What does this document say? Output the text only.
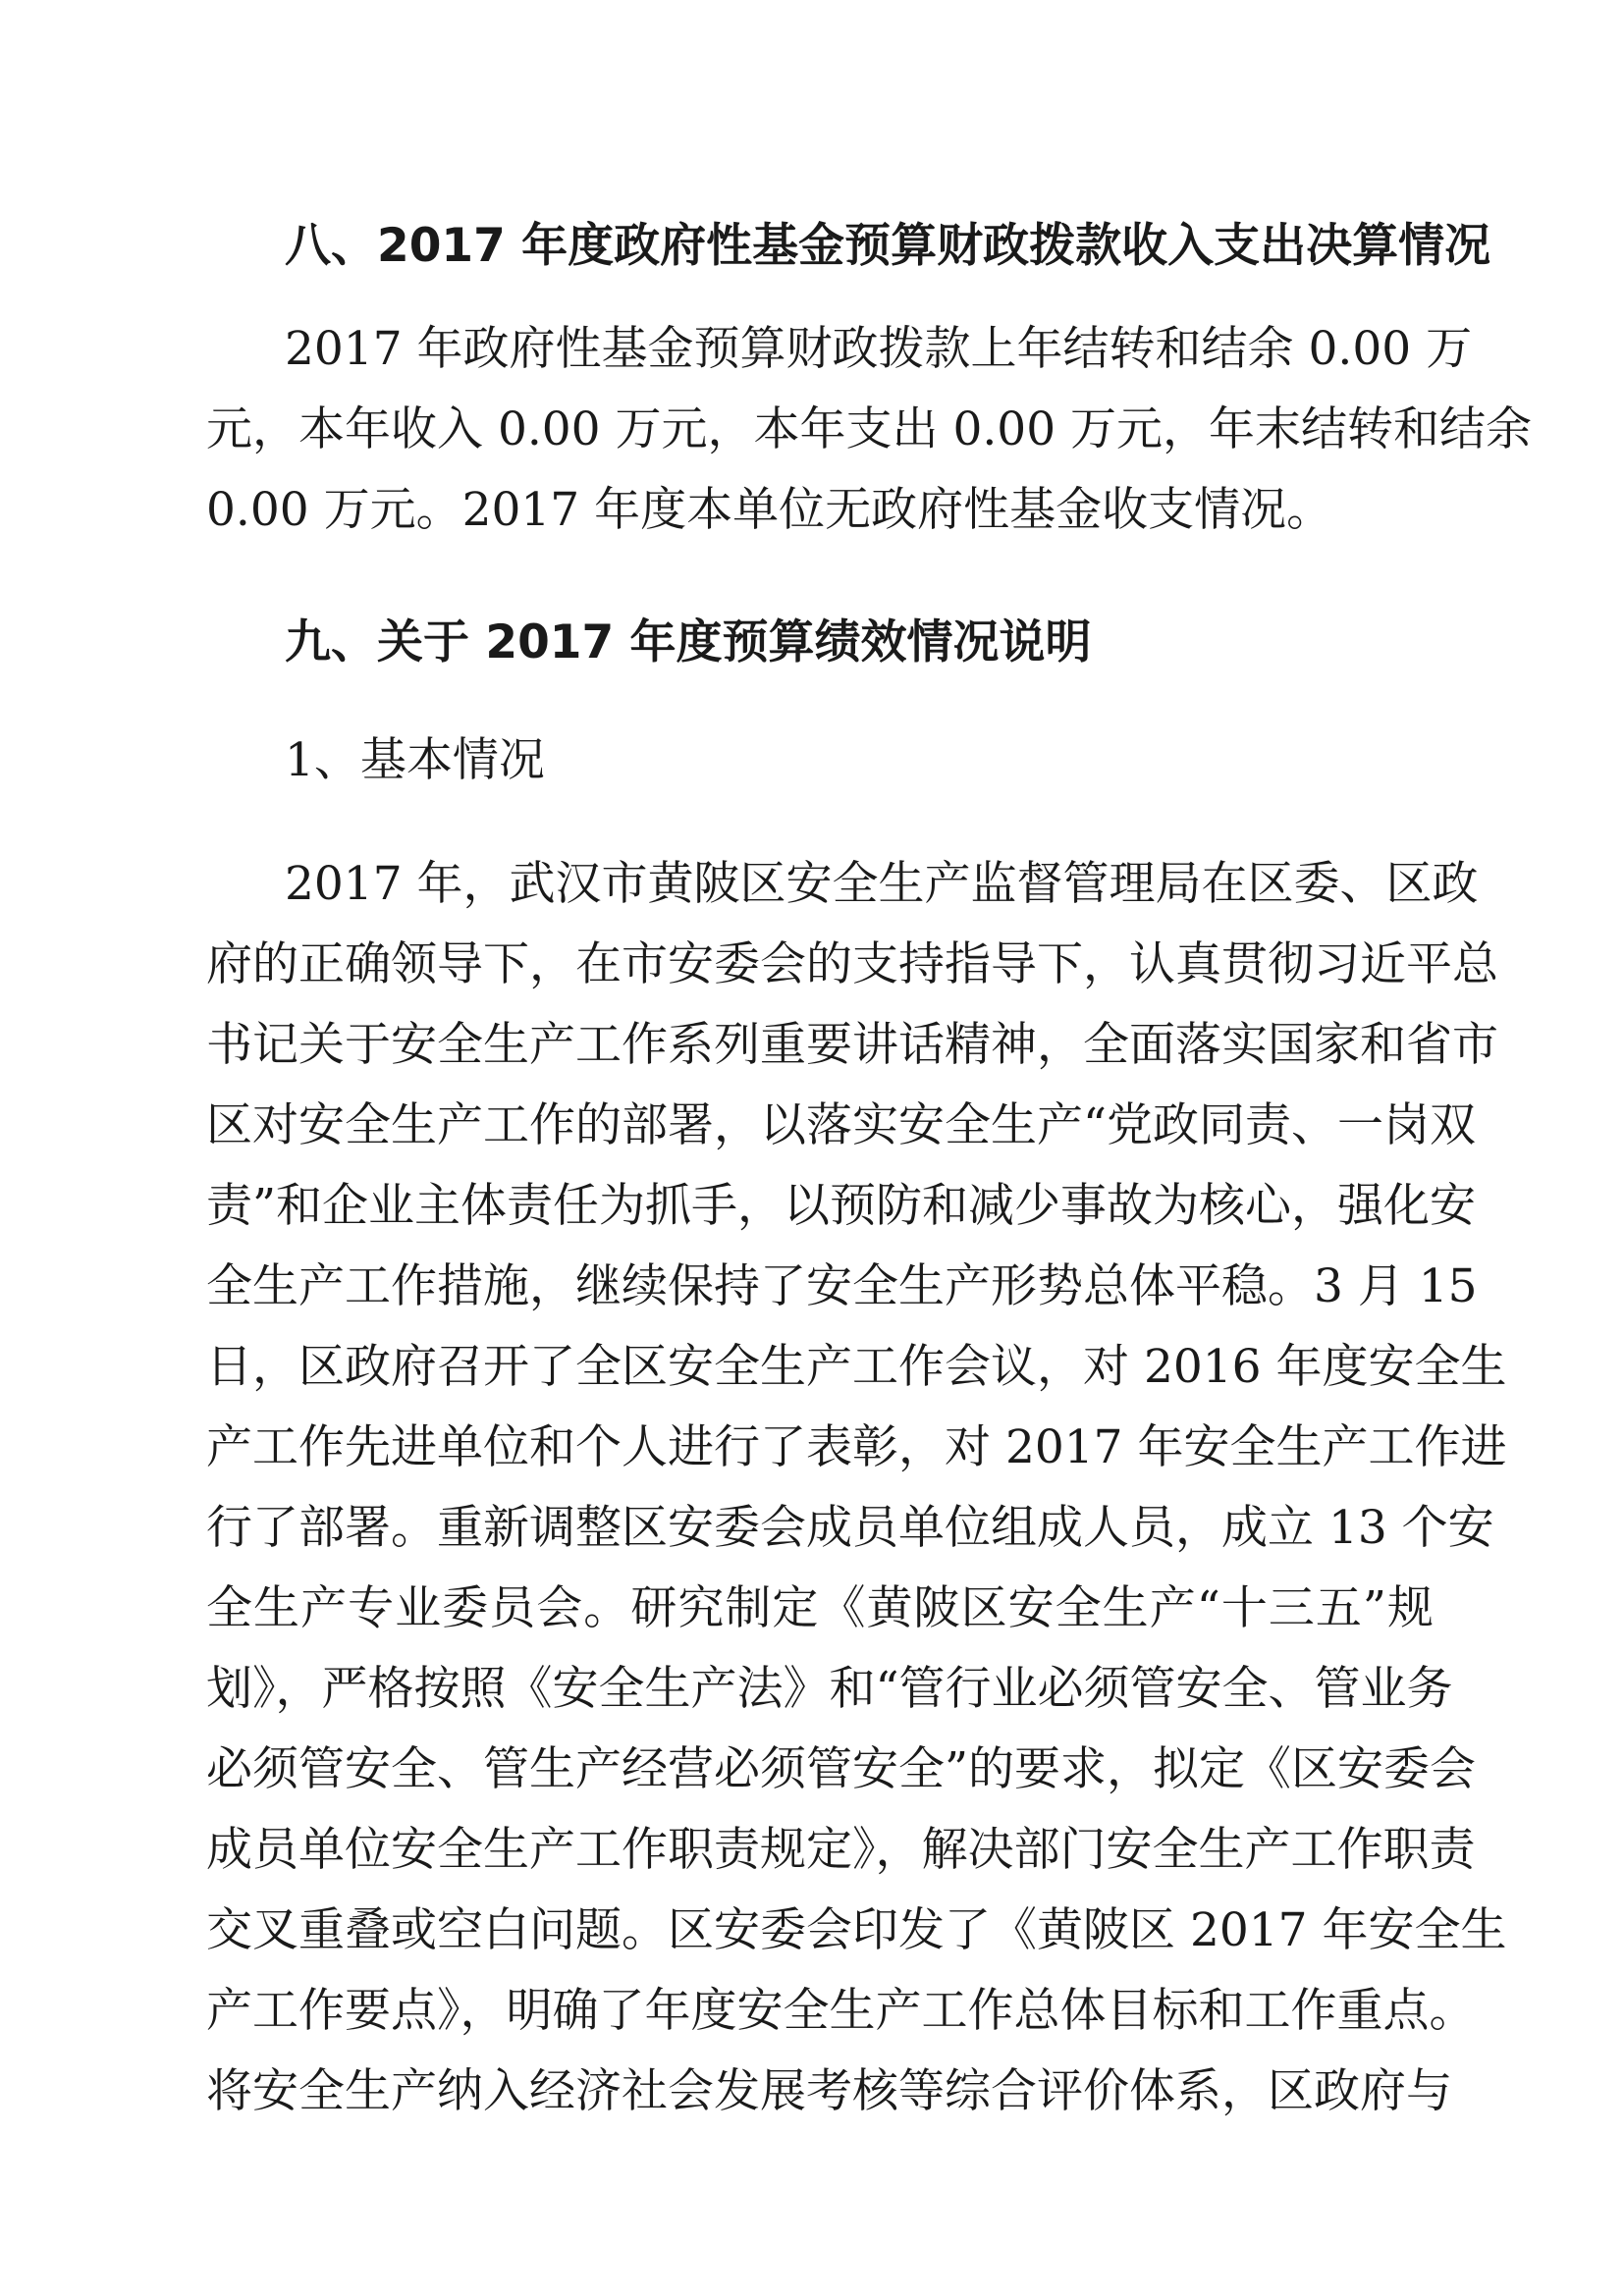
八、2017 年度政府性基金预算财政拨款收入支出决算情况
2017 年政府性基金预算财政拨款上年结转和结余 0.00 万
元，本年收入 0.00 万元，本年支出 0.00 万元，年末结转和结余
0.00 万元。2017 年度本单位无政府性基金收支情况。
九、关于 2017 年度预算绩效情况说明
1、基本情况
2017 年，武汉市黄陂区安全生产监督管理局在区委、区政
府的正确领导下，在市安委会的支持指导下，认真贯彻习近平总
书记关于安全生产工作系列重要讲话精神，全面落实国家和省市
区对安全生产工作的部署，以落实安全生产“党政同责、一岗双
责”和企业主体责任为抓手，以预防和减少事故为核心，强化安
全生产工作措施，继续保持了安全生产形势总体平稳。3 月 15
日，区政府召开了全区安全生产工作会议，对 2016 年度安全生
产工作先进单位和个人进行了表彰，对 2017 年安全生产工作进
行了部署。重新调整区安委会成员单位组成人员，成立 13 个安
全生产专业委员会。研究制定《黄陂区安全生产“十三五”规
划》，严格按照《安全生产法》和“管行业必须管安全、管业务
必须管安全、管生产经营必须管安全”的要求，拟定《区安委会
成员单位安全生产工作职责规定》，解决部门安全生产工作职责
交叉重叠或空白问题。区安委会印发了《黄陂区 2017 年安全生
产工作要点》，明确了年度安全生产工作总体目标和工作重点。
将安全生产纳入经济社会发展考核等综合评价体系，区政府与
